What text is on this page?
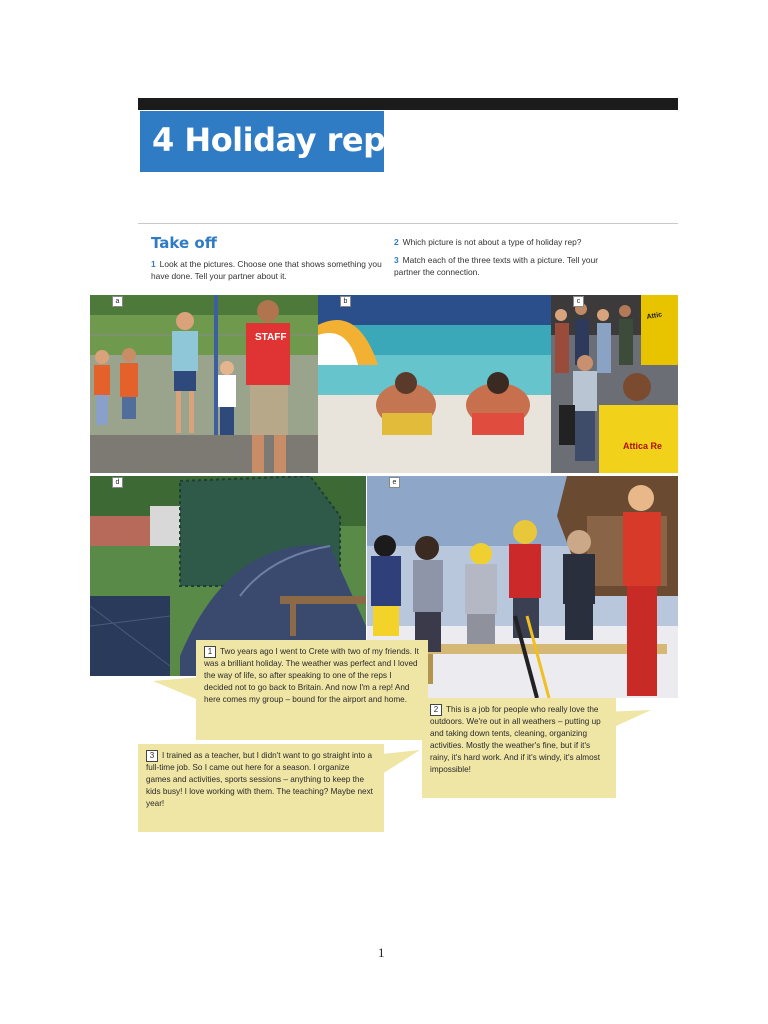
4 Holiday rep
Take off
1 Look at the pictures. Choose one that shows something you have done. Tell your partner about it.
2 Which picture is not about a type of holiday rep?
3 Match each of the three texts with a picture. Tell your partner the connection.
STAFF
a	b
Attic
Attica Re
c
d	e
1 Two years ago I went to Crete with two of my friends. It was a brilliant holiday. The weather was perfect and I loved the way of life, so after speaking to one of the reps I decided not to go back to Britain. And now I'm a rep! And here comes my group – bound for the airport and home.
2 This is a job for people who really love the outdoors. We're out in all weathers – putting up and taking down tents, cleaning, organizing activities. Mostly the weather's fine, but if it's rainy, it's hard work. And if it's windy, it's almost impossible!
3 I trained as a teacher, but I didn't want to go straight into a full-time job. So I came out here for a season. I organize games and activities, sports sessions – anything to keep the kids busy! I love working with them. The teaching? Maybe next year!
1
